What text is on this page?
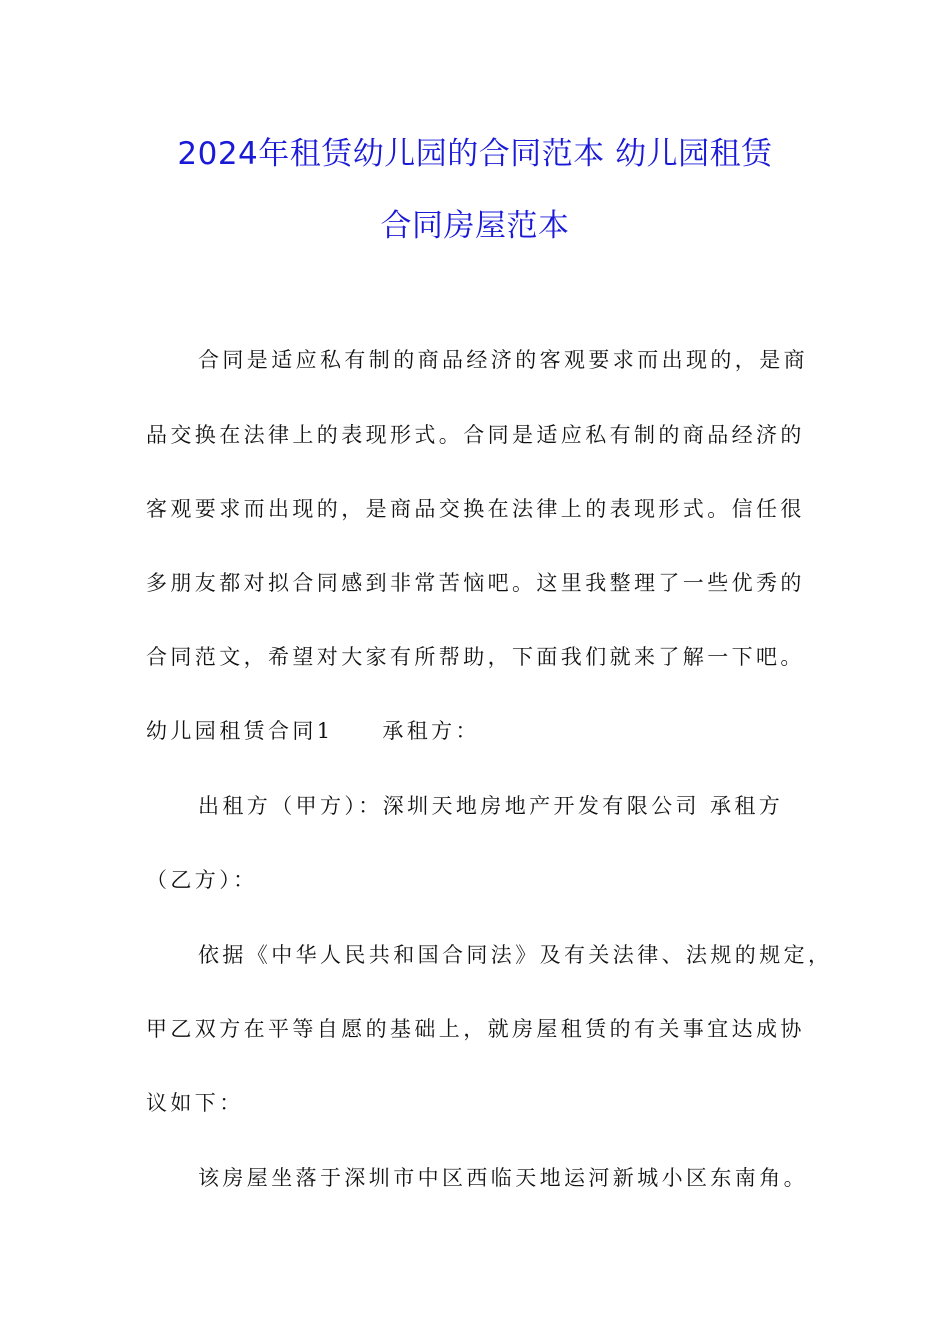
2024年租赁幼儿园的合同范本 幼儿园租赁
合同房屋范本
合同是适应私有制的商品经济的客观要求而出现的，是商
品交换在法律上的表现形式。合同是适应私有制的商品经济的
客观要求而出现的，是商品交换在法律上的表现形式。信任很
多朋友都对拟合同感到非常苦恼吧。这里我整理了一些优秀的
合同范文，希望对大家有所帮助，下面我们就来了解一下吧。
幼儿园租赁合同1　　承租方：
出租方（甲方）：深圳天地房地产开发有限公司 承租方
（乙方）：
依据《中华人民共和国合同法》及有关法律、法规的规定，
甲乙双方在平等自愿的基础上，就房屋租赁的有关事宜达成协
议如下：
该房屋坐落于深圳市中区西临天地运河新城小区东南角。
